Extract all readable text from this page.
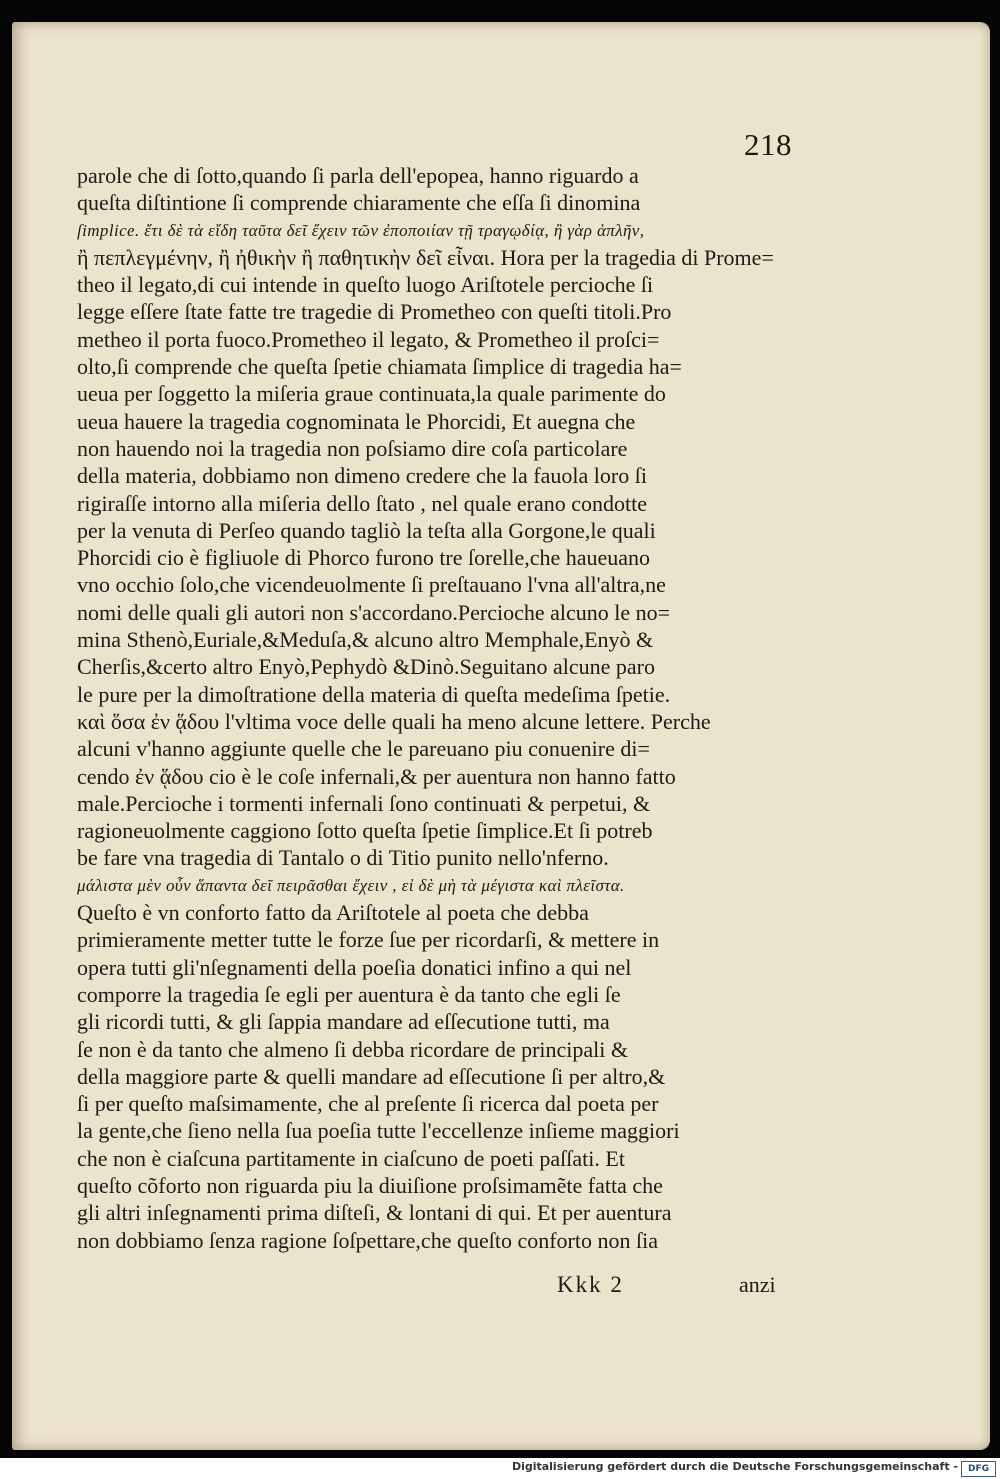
218
parole che di ſotto,quando ſi parla dell'epopea, hanno riguardo a
queſta diſtintione ſi comprende chiaramente che eſſa ſi dinomina
ſimplice. ἔτι δὲ τὰ εἴδη ταῦτα δεῖ ἔχειν τῶν ἐποποιίαν τῇ τραγῳδίᾳ, ἢ γὰρ ἁπλῆν,
ἢ πεπλεγμένην, ἢ ἠθικὴν ἢ παθητικὴν δεῖ εἶναι. Hora per la tragedia di Prome=
theo il legato,di cui intende in queſto luogo Ariſtotele percioche ſi
legge eſſere ſtate fatte tre tragedie di Prometheo con queſti titoli.Pro
metheo il porta fuoco.Prometheo il legato, & Prometheo il proſci=
olto,ſi comprende che queſta ſpetie chiamata ſimplice di tragedia ha=
ueua per ſoggetto la miſeria graue continuata,la quale parimente do
ueua hauere la tragedia cognominata le Phorcidi, Et auegna che
non hauendo noi la tragedia non poſsiamo dire coſa particolare
della materia, dobbiamo non dimeno credere che la fauola loro ſi
rigiraſſe intorno alla miſeria dello ſtato , nel quale erano condotte
per la venuta di Perſeo quando tagliò la teſta alla Gorgone,le quali
Phorcidi cio è figliuole di Phorco furono tre ſorelle,che haueuano
vno occhio ſolo,che vicendeuolmente ſi preſtauano l'vna all'altra,ne
nomi delle quali gli autori non s'accordano.Percioche alcuno le no=
mina Sthenò,Euriale,&Meduſa,& alcuno altro Memphale,Enyò &
Cherſis,&certo altro Enyò,Pephydò &Dinò.Seguitano alcune paro
le pure per la dimoſtratione della materia di queſta medeſima ſpetie.
καὶ ὅσα ἐν ᾅδου l'vltima voce delle quali ha meno alcune lettere. Perche
alcuni v'hanno aggiunte quelle che le pareuano piu conuenire di=
cendo ἐν ᾅδου cio è le coſe infernali,& per auentura non hanno fatto
male.Percioche i tormenti infernali ſono continuati & perpetui, &
ragioneuolmente caggiono ſotto queſta ſpetie ſimplice.Et ſi potreb
be fare vna tragedia di Tantalo o di Titio punito nello'nferno.
μάλιστα μὲν οὖν ἅπαντα δεῖ πειρᾶσθαι ἔχειν , εἰ δὲ μὴ τὰ μέγιστα καὶ πλεῖστα.
Queſto è vn conforto fatto da Ariſtotele al poeta che debba
primieramente metter tutte le forze ſue per ricordarſi, & mettere in
opera tutti gli'nſegnamenti della poeſia donatici infino a qui nel
comporre la tragedia ſe egli per auentura è da tanto che egli ſe
gli ricordi tutti, & gli ſappia mandare ad eſſecutione tutti, ma
ſe non è da tanto che almeno ſi debba ricordare de principali &
della maggiore parte & quelli mandare ad eſſecutione ſi per altro,&
ſi per queſto maſsimamente, che al preſente ſi ricerca dal poeta per
la gente,che ſieno nella ſua poeſia tutte l'eccellenze inſieme maggiori
che non è ciaſcuna partitamente in ciaſcuno de poeti paſſati. Et
queſto cõforto non riguarda piu la diuiſione proſsimamẽte fatta che
gli altri inſegnamenti prima diſteſi, & lontani di qui. Et per auentura
non dobbiamo ſenza ragione ſoſpettare,che queſto conforto non ſia
Kkk 2	anzi
Digitalisierung gefördert durch die Deutsche Forschungsgemeinschaft -	DFG
